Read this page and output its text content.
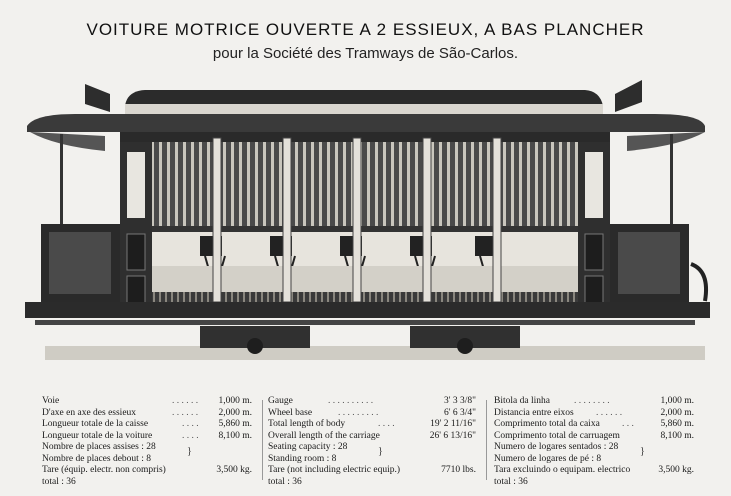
VOITURE MOTRICE OUVERTE A 2 ESSIEUX, A BAS PLANCHER
pour la Société des Tramways de São-Carlos.
Voie	. . . . . . 1,000 m.
D'axe en axe des essieux	. . . . . . 2,000 m.
Longueur totale de la caisse	. . . . 5,860 m.
Longueur totale de la voiture	. . . . 8,100 m.
Nombre de places assises : 28
Nombre de places debout : 8
Tare (équip. electr. non compris)	3,500 kg.
}
total : 36
Gauge	. . . . . . . . . .	3' 3 3/8"
Wheel base	. . . . . . . . .	6' 6 3/4"
Total length of body	. . . .	19' 2 11/16"
Overall length of the carriage	26' 6 13/16"
Seating capacity : 28
Standing room : 8
Tare (not including electric equip.)	7710 lbs.
}
total : 36
Bitola da linha	. . . . . . . .	1,000 m.
Distancia entre eixos . . . . . .	2,000 m.
Comprimento total da caixa . . .	5,860 m.
Comprimento total de carruagem	8,100 m.
Numero de logares sentados : 28
Numero de logares de pé : 8
Tara excluindo o equipam. electrico	3,500 kg.
}
total : 36
